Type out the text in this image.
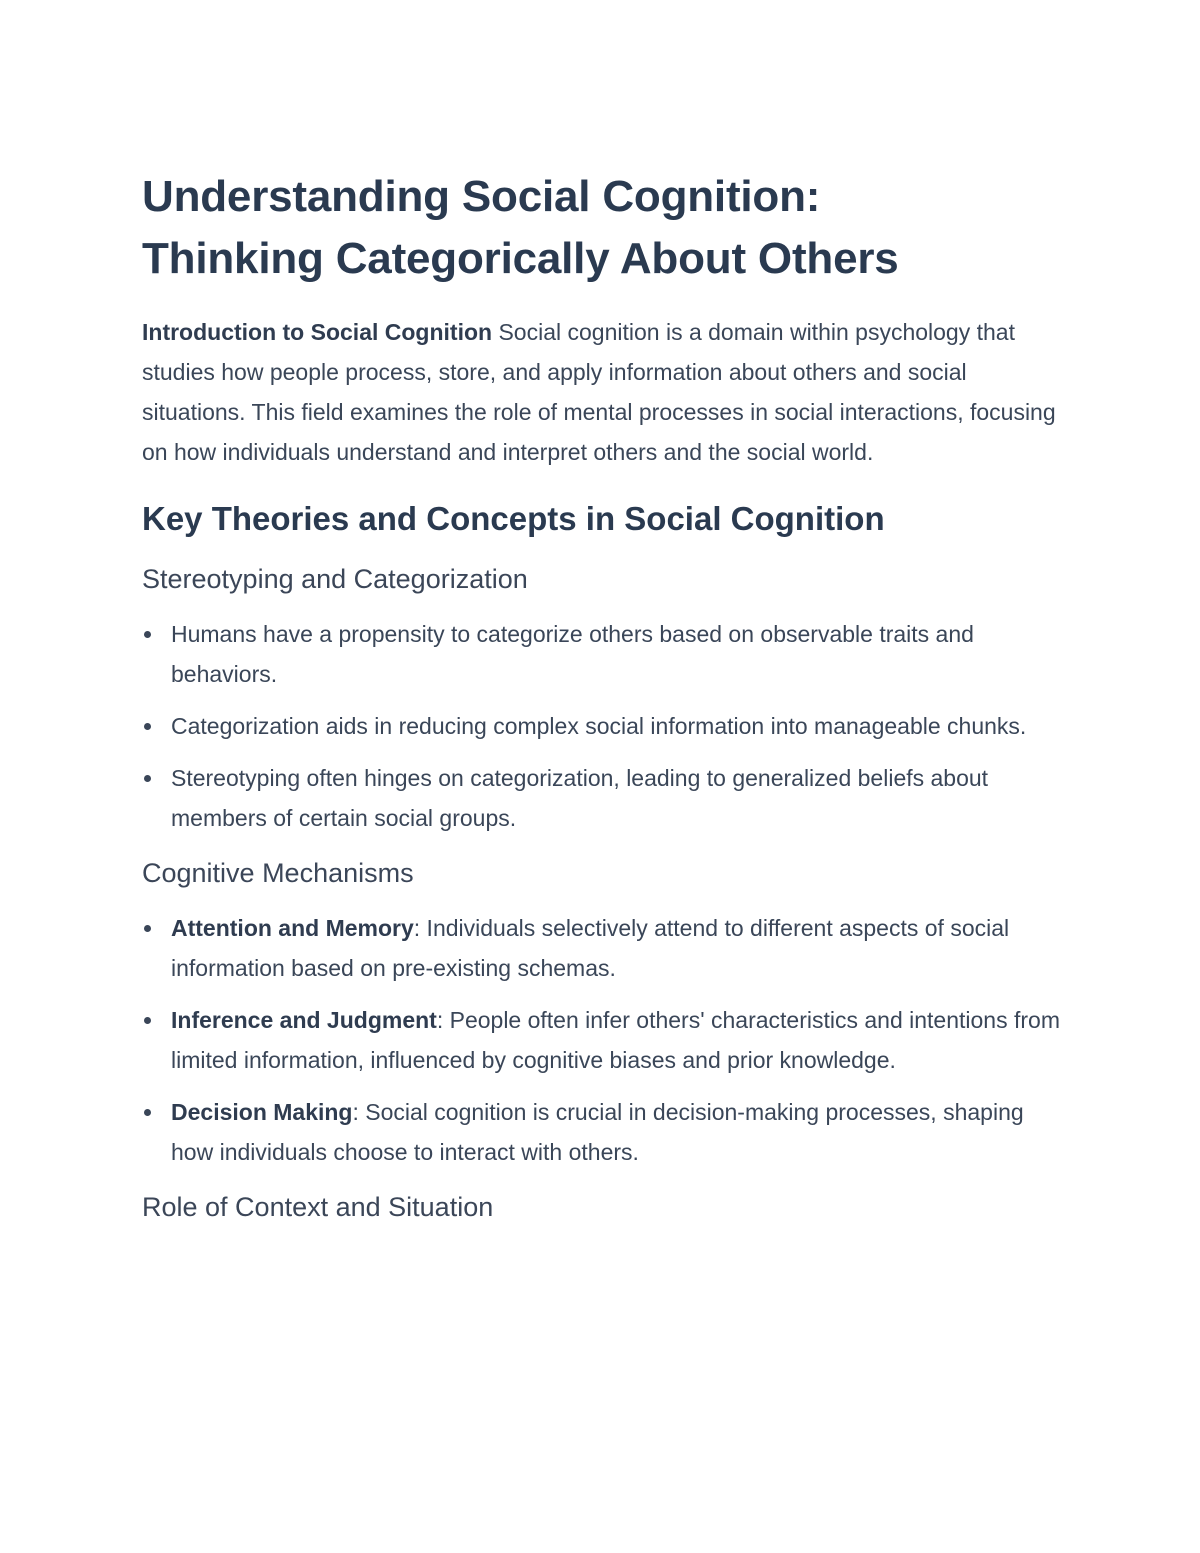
Understanding Social Cognition:
Thinking Categorically About Others

Introduction to Social Cognition Social cognition is a domain within psychology that studies how people process, store, and apply information about others and social situations. This field examines the role of mental processes in social interactions, focusing on how individuals understand and interpret others and the social world.

Key Theories and Concepts in Social Cognition
Stereotyping and Categorization
Humans have a propensity to categorize others based on observable traits and behaviors.
Categorization aids in reducing complex social information into manageable chunks.
Stereotyping often hinges on categorization, leading to generalized beliefs about members of certain social groups.
Cognitive Mechanisms
Attention and Memory: Individuals selectively attend to different aspects of social information based on pre-existing schemas.
Inference and Judgment: People often infer others' characteristics and intentions from limited information, influenced by cognitive biases and prior knowledge.
Decision Making: Social cognition is crucial in decision-making processes, shaping how individuals choose to interact with others.
Role of Context and Situation
